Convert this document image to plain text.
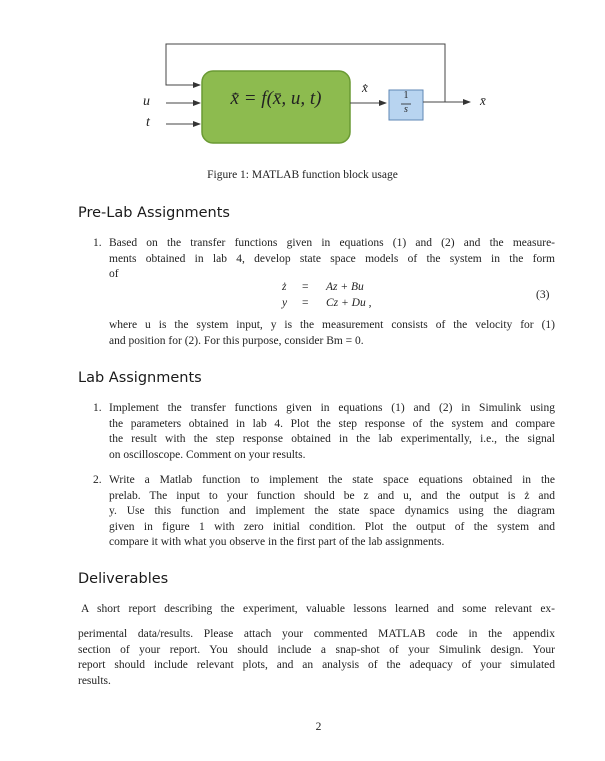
u
t
x̄̇ = f(x̄, u, t)
x̄̇
1
s
x̄
Figure 1: MATLAB function block usage
Pre-Lab Assignments
1. Based on the transfer functions given in equations (1) and (2) and the measure-
ments obtained in lab 4, develop state space models of the system in the form
of
ż = Az + Bu
y = Cz + Du ,
(3)
where u is the system input, y is the measurement consists of the velocity for (1)
and position for (2). For this purpose, consider Bm = 0.
Lab Assignments
1. Implement the transfer functions given in equations (1) and (2) in Simulink using
the parameters obtained in lab 4. Plot the step response of the system and compare
the result with the step response obtained in the lab experimentally, i.e., the signal
on oscilloscope. Comment on your results.
2. Write a Matlab function to implement the state space equations obtained in the
prelab. The input to your function should be z and u, and the output is ż and
y. Use this function and implement the state space dynamics using the diagram
given in figure 1 with zero initial condition. Plot the output of the system and
compare it with what you observe in the first part of the lab assignments.
Deliverables
A short report describing the experiment, valuable lessons learned and some relevant ex-
perimental data/results. Please attach your commented MATLAB code in the appendix
section of your report. You should include a snap-shot of your Simulink design. Your
report should include relevant plots, and an analysis of the adequacy of your simulated
results.
2
